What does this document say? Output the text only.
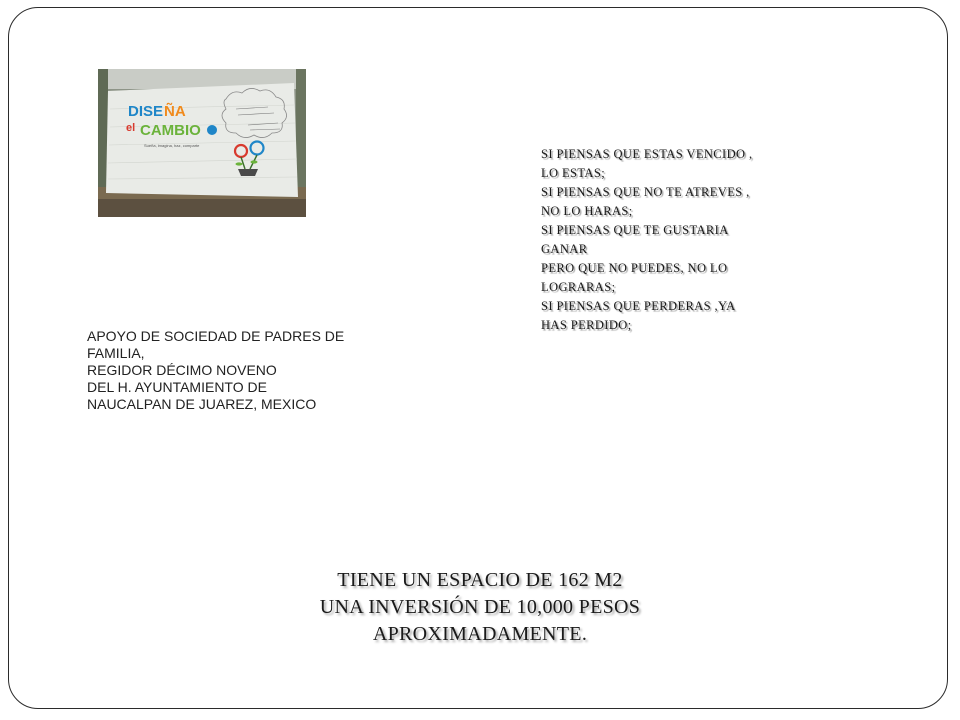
DISE ÑA
el CAMBIO
Sueña, imagina, haz, comparte
SI PIENSAS QUE ESTAS VENCIDO ,
LO ESTAS;
SI PIENSAS QUE NO TE ATREVES ,
NO LO HARAS;
SI PIENSAS QUE TE GUSTARIA
GANAR
PERO QUE NO PUEDES, NO LO
LOGRARAS;
SI PIENSAS QUE PERDERAS ,YA
HAS PERDIDO;
APOYO DE SOCIEDAD DE PADRES DE
FAMILIA,
REGIDOR DÉCIMO NOVENO
DEL H. AYUNTAMIENTO DE
NAUCALPAN DE JUAREZ, MEXICO
TIENE UN ESPACIO DE 162 M2
UNA INVERSIÓN DE 10,000 PESOS
APROXIMADAMENTE.
